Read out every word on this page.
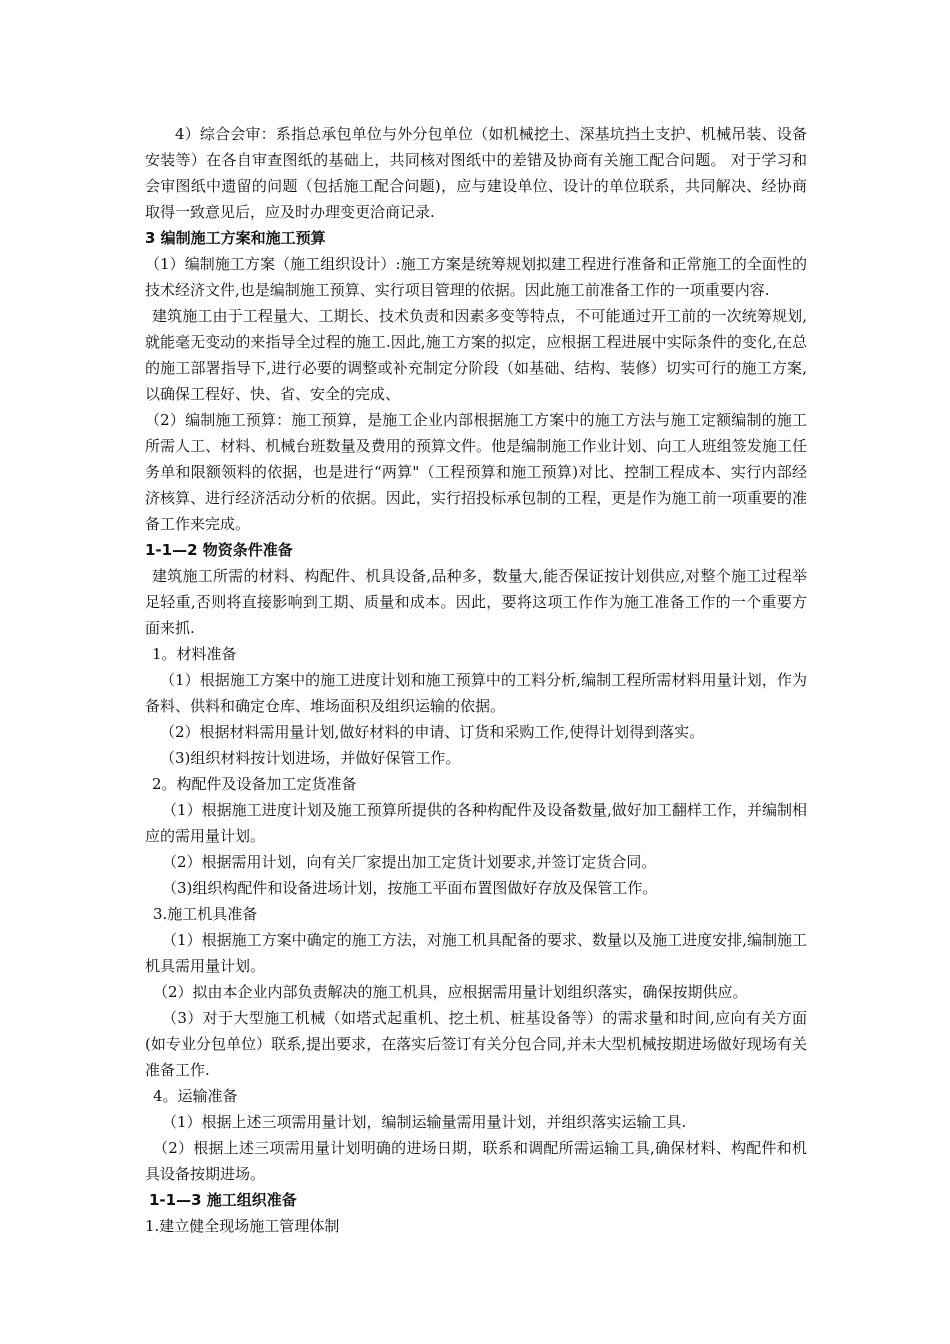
4）综合会审：系指总承包单位与外分包单位（如机械挖土、深基坑挡土支护、机械吊装、设备安装等）在各自审查图纸的基础上，共同核对图纸中的差错及协商有关施工配合问题。 对于学习和会审图纸中遗留的问题（包括施工配合问题)，应与建设单位、设计的单位联系，共同解决、经协商取得一致意见后，应及时办理变更洽商记录.

3 编制施工方案和施工预算

（1）编制施工方案（施工组织设计）:施工方案是统筹规划拟建工程进行准备和正常施工的全面性的技术经济文件,也是编制施工预算、实行项目管理的依据。因此施工前准备工作的一项重要内容.

建筑施工由于工程量大、工期长、技术负责和因素多变等特点，不可能通过开工前的一次统筹规划,就能毫无变动的来指导全过程的施工.因此,施工方案的拟定，应根据工程进展中实际条件的变化,在总的施工部署指导下,进行必要的调整或补充制定分阶段（如基础、结构、装修）切实可行的施工方案,以确保工程好、快、省、安全的完成、

（2）编制施工预算：施工预算，是施工企业内部根据施工方案中的施工方法与施工定额编制的施工所需人工、材料、机械台班数量及费用的预算文件。他是编制施工作业计划、向工人班组签发施工任务单和限额领料的依据，也是进行“两算"（工程预算和施工预算)对比、控制工程成本、实行内部经济核算、进行经济活动分析的依据。因此，实行招投标承包制的工程，更是作为施工前一项重要的准备工作来完成。

1-1—2 物资条件准备

建筑施工所需的材料、构配件、机具设备,品种多，数量大,能否保证按计划供应,对整个施工过程举足轻重,否则将直接影响到工期、质量和成本。因此，要将这项工作作为施工准备工作的一个重要方面来抓.

1。材料准备

（1）根据施工方案中的施工进度计划和施工预算中的工料分析,编制工程所需材料用量计划，作为备料、供料和确定仓库、堆场面积及组织运输的依据。

（2）根据材料需用量计划,做好材料的申请、订货和采购工作,使得计划得到落实。

（3)组织材料按计划进场，并做好保管工作。

2。构配件及设备加工定货准备

（1）根据施工进度计划及施工预算所提供的各种构配件及设备数量,做好加工翻样工作，并编制相应的需用量计划。

（2）根据需用计划，向有关厂家提出加工定货计划要求,并签订定货合同。

（3)组织构配件和设备进场计划，按施工平面布置图做好存放及保管工作。

3.施工机具准备

（1）根据施工方案中确定的施工方法，对施工机具配备的要求、数量以及施工进度安排,编制施工机具需用量计划。

（2）拟由本企业内部负责解决的施工机具，应根据需用量计划组织落实，确保按期供应。

（3）对于大型施工机械（如塔式起重机、挖土机、桩基设备等）的需求量和时间,应向有关方面(如专业分包单位）联系,提出要求，在落实后签订有关分包合同,并未大型机械按期进场做好现场有关准备工作.

4。运输准备

（1）根据上述三项需用量计划，编制运输量需用量计划，并组织落实运输工具.

（2）根据上述三项需用量计划明确的进场日期，联系和调配所需运输工具,确保材料、构配件和机具设备按期进场。

1-1—3 施工组织准备

1.建立健全现场施工管理体制
